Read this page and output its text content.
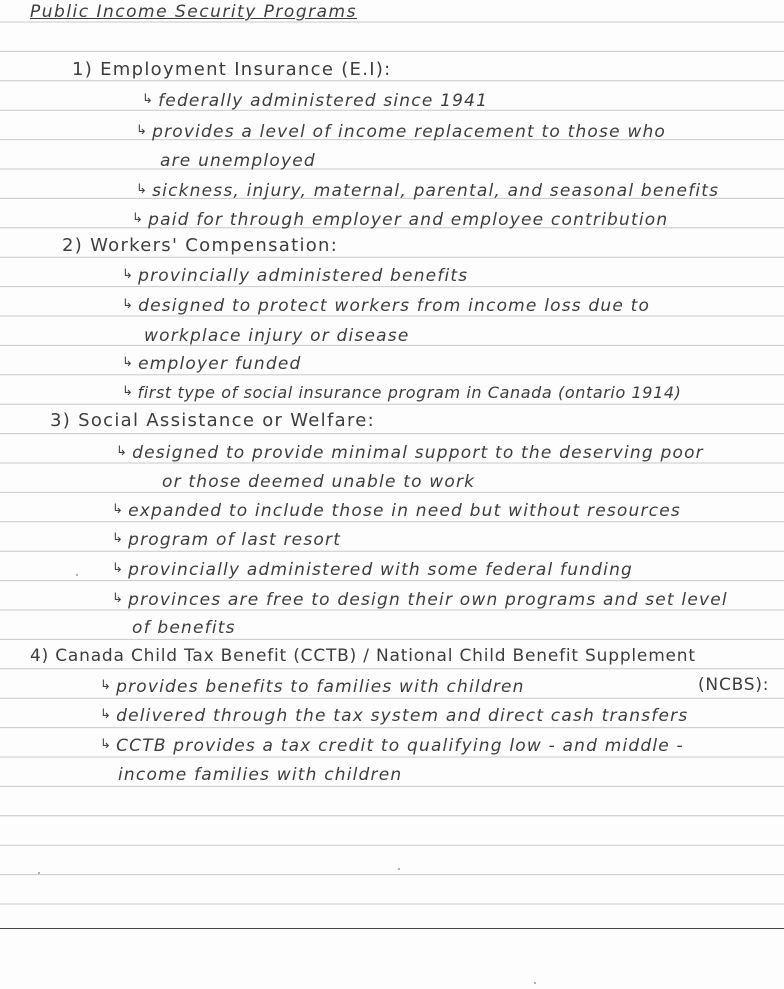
Public Income Security Programs
1) Employment Insurance (E.I):
↳ federally administered since 1941
↳ provides a level of income replacement to those who
are unemployed
↳ sickness, injury, maternal, parental, and seasonal benefits
↳ paid for through employer and employee contribution
2) Workers' Compensation:
↳ provincially administered benefits
↳ designed to protect workers from income loss due to
workplace injury or disease
↳ employer funded
↳ first type of social insurance program in Canada (ontario 1914)
3) Social Assistance or Welfare:
↳ designed to provide minimal support to the deserving poor
or those deemed unable to work
↳ expanded to include those in need but without resources
↳ program of last resort
↳ provincially administered with some federal funding
↳ provinces are free to design their own programs and set level
of benefits
4) Canada Child Tax Benefit (CCTB) / National Child Benefit Supplement
(NCBS):
↳ provides benefits to families with children
↳ delivered through the tax system and direct cash transfers
↳ CCTB provides a tax credit to qualifying low - and middle -
income families with children
